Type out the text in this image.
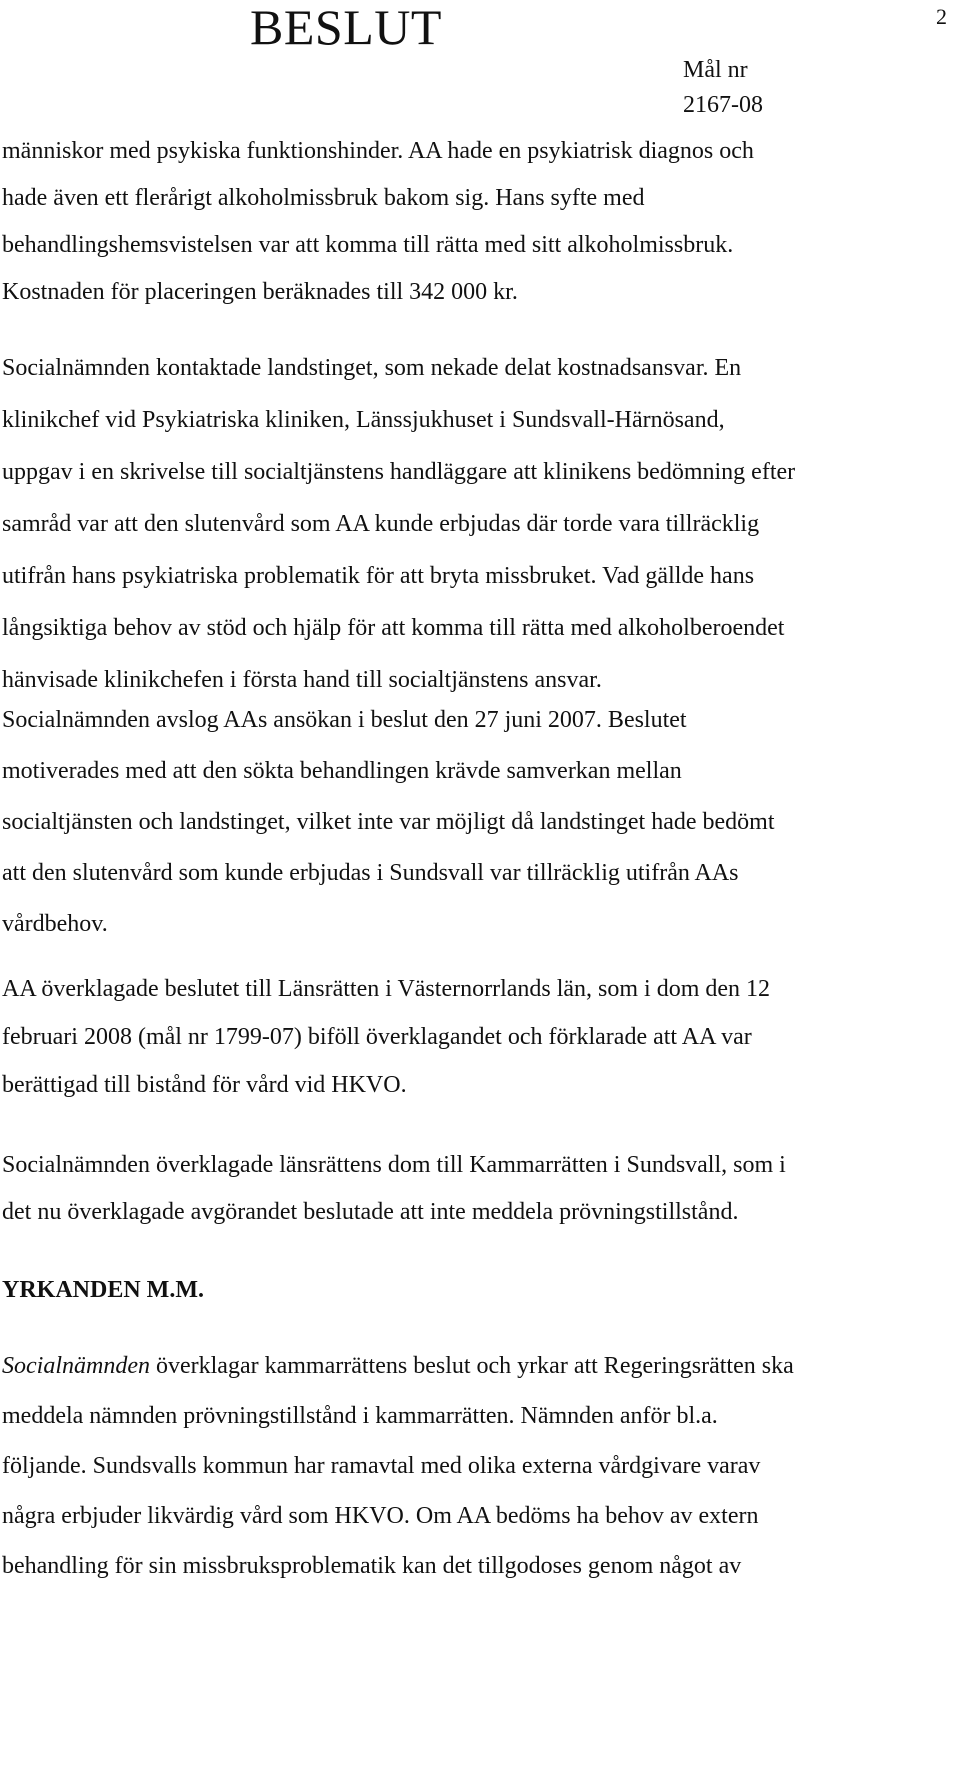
BESLUT	2
Mål nr
2167-08
människor med psykiska funktionshinder. AA hade en psykiatrisk diagnos och
hade även ett flerårigt alkoholmissbruk bakom sig. Hans syfte med
behandlingshemsvistelsen var att komma till rätta med sitt alkoholmissbruk.
Kostnaden för placeringen beräknades till 342 000 kr.
Socialnämnden kontaktade landstinget, som nekade delat kostnadsansvar. En
klinikchef vid Psykiatriska kliniken, Länssjukhuset i Sundsvall-Härnösand,
uppgav i en skrivelse till socialtjänstens handläggare att klinikens bedömning efter
samråd var att den slutenvård som AA kunde erbjudas där torde vara tillräcklig
utifrån hans psykiatriska problematik för att bryta missbruket. Vad gällde hans
långsiktiga behov av stöd och hjälp för att komma till rätta med alkoholberoendet
hänvisade klinikchefen i första hand till socialtjänstens ansvar.
Socialnämnden avslog AAs ansökan i beslut den 27 juni 2007. Beslutet
motiverades med att den sökta behandlingen krävde samverkan mellan
socialtjänsten och landstinget, vilket inte var möjligt då landstinget hade bedömt
att den slutenvård som kunde erbjudas i Sundsvall var tillräcklig utifrån AAs
vårdbehov.
AA överklagade beslutet till Länsrätten i Västernorrlands län, som i dom den 12
februari 2008 (mål nr 1799-07) biföll överklagandet och förklarade att AA var
berättigad till bistånd för vård vid HKVO.
Socialnämnden överklagade länsrättens dom till Kammarrätten i Sundsvall, som i
det nu överklagade avgörandet beslutade att inte meddela prövningstillstånd.
YRKANDEN M.M.
Socialnämnden överklagar kammarrättens beslut och yrkar att Regeringsrätten ska
meddela nämnden prövningstillstånd i kammarrätten. Nämnden anför bl.a.
följande. Sundsvalls kommun har ramavtal med olika externa vårdgivare varav
några erbjuder likvärdig vård som HKVO. Om AA bedöms ha behov av extern
behandling för sin missbruksproblematik kan det tillgodoses genom något av
